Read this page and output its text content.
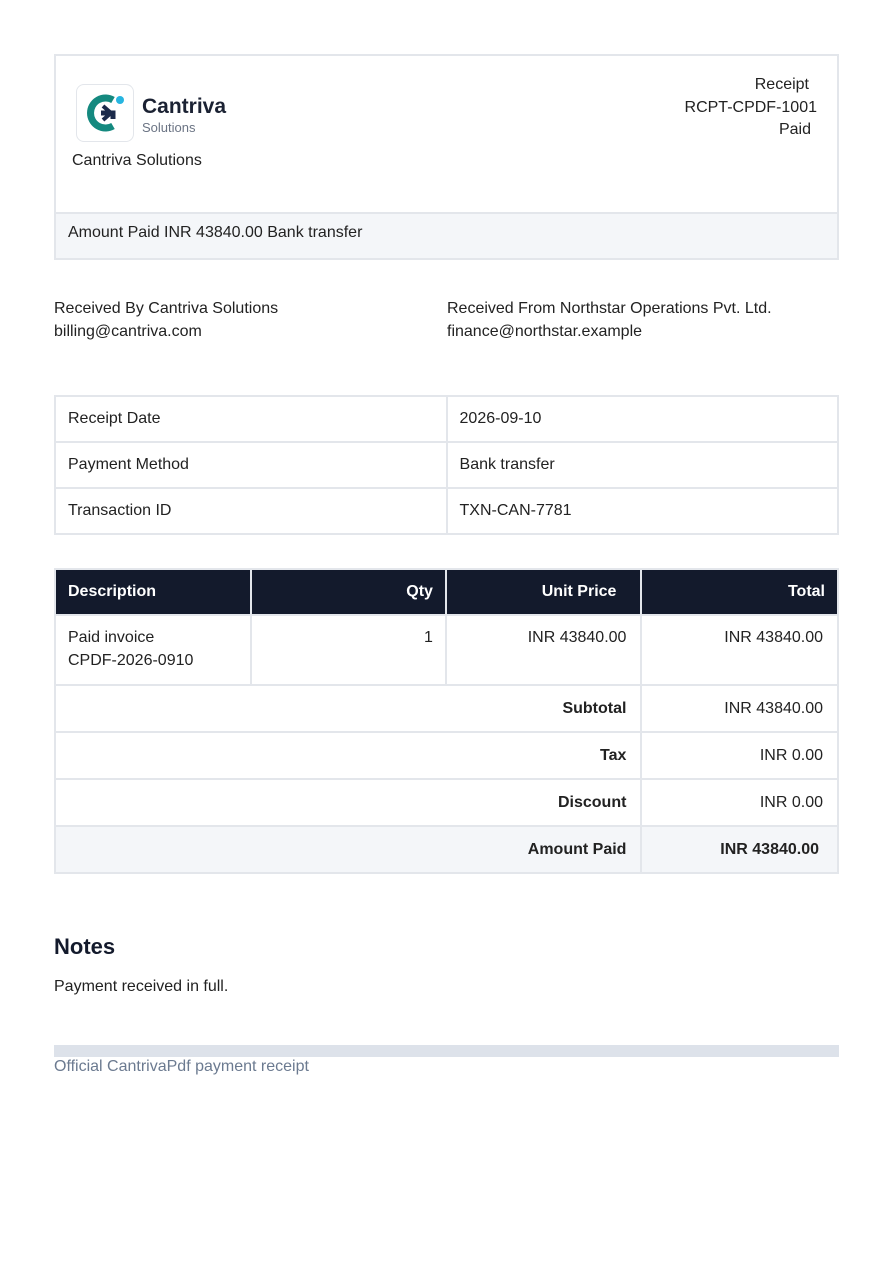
Cantriva
Solutions
Cantriva Solutions
Receipt
RCPT-CPDF-1001
Paid
Amount Paid INR 43840.00 Bank transfer
Received By Cantriva Solutions
billing@cantriva.com
Received From Northstar Operations Pvt. Ltd.
finance@northstar.example
Receipt Date	2026-09-10
Payment Method	Bank transfer
Transaction ID	TXN-CAN-7781
Description	Qty	Unit Price	Total

Paid invoice
CPDF-2026-0910	1	INR 43840.00	INR 43840.00
Subtotal			INR 43840.00
Tax			INR 0.00
Discount			INR 0.00
Amount Paid			INR 43840.00
Notes
Payment received in full.
Official CantrivaPdf payment receipt
